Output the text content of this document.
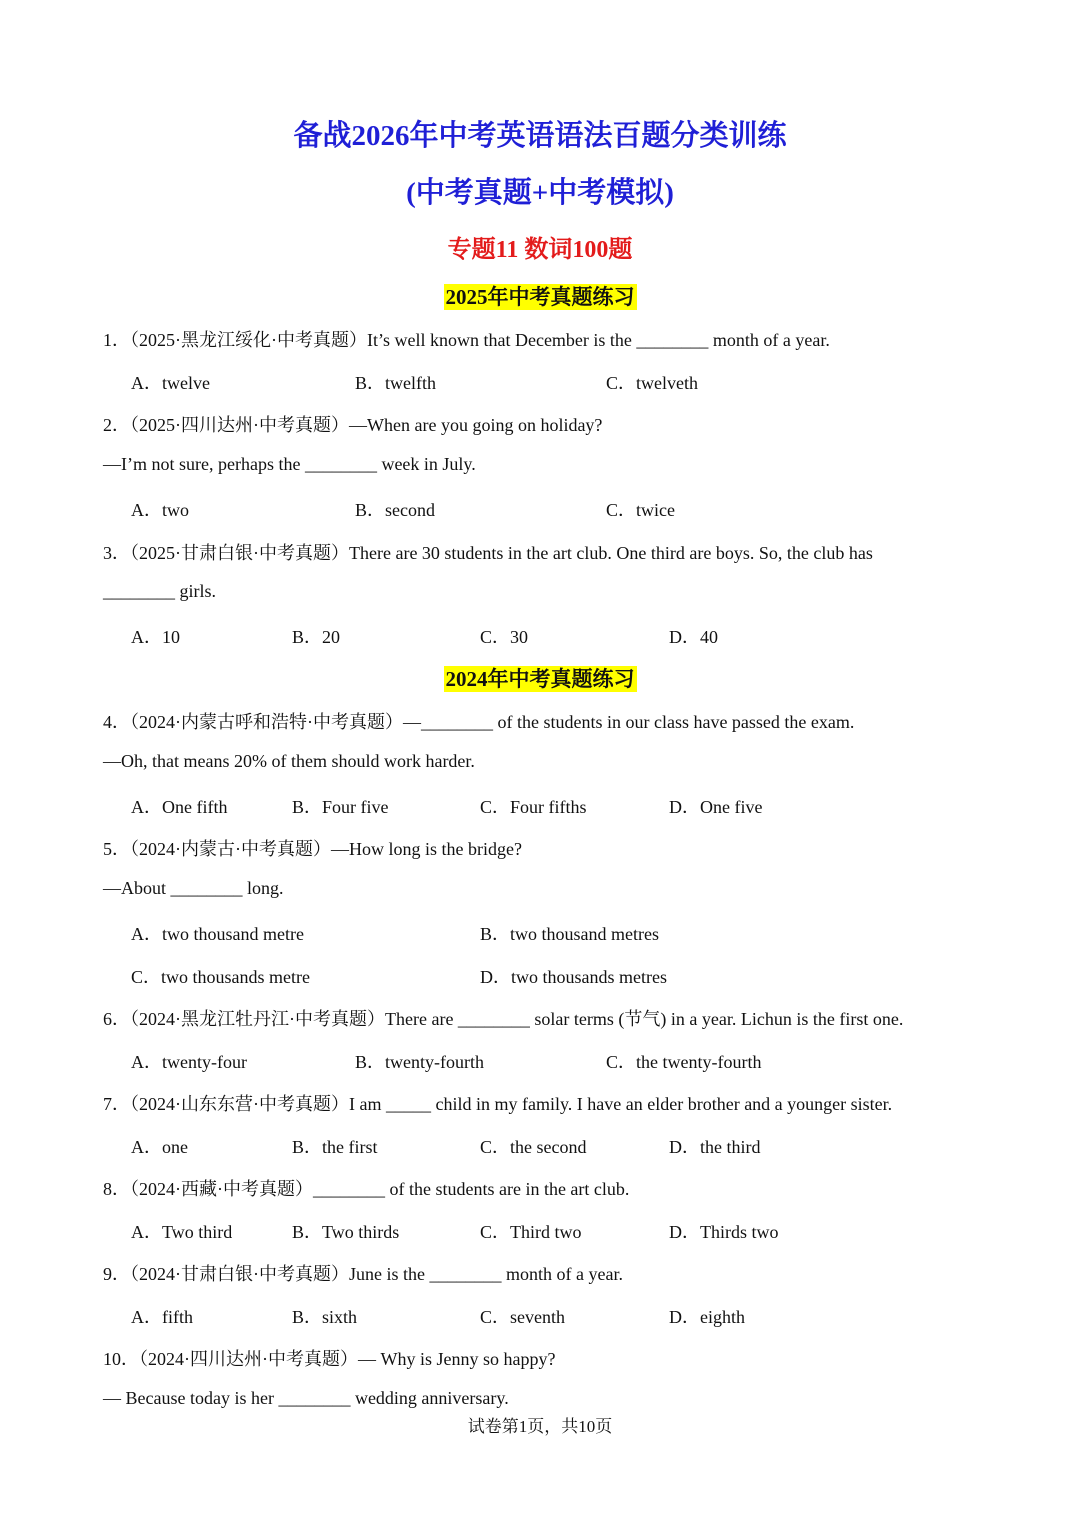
备战2026年中考英语语法百题分类训练
(中考真题+中考模拟)
专题11 数词100题
2025年中考真题练习
1．（2025·黑龙江绥化·中考真题）It’s well known that December is the ________ month of a year.
A．twelve	B．twelfth	C．twelveth
2．（2025·四川达州·中考真题）—When are you going on holiday?
—I’m not sure, perhaps the ________ week in July.
A．two	B．second	C．twice
3．（2025·甘肃白银·中考真题）There are 30 students in the art club. One third are boys. So, the club has
________ girls.
A．10	B．20	C．30	D．40
2024年中考真题练习
4．（2024·内蒙古呼和浩特·中考真题）—________ of the students in our class have passed the exam.
—Oh, that means 20% of them should work harder.
A．One fifth	B．Four five	C．Four fifths	D．One five
5．（2024·内蒙古·中考真题）—How long is the bridge?
—About ________ long.
A．two thousand metre	B．two thousand metres
C．two thousands metre	D．two thousands metres
6．（2024·黑龙江牡丹江·中考真题）There are ________ solar terms (节气) in a year. Lichun is the first one.
A．twenty-four	B．twenty-fourth	C．the twenty-fourth
7．（2024·山东东营·中考真题）I am _____ child in my family. I have an elder brother and a younger sister.
A．one	B．the first	C．the second	D．the third
8．（2024·西藏·中考真题）________ of the students are in the art club.
A．Two third	B．Two thirds	C．Third two	D．Thirds two
9．（2024·甘肃白银·中考真题）June is the ________ month of a year.
A．fifth	B．sixth	C．seventh	D．eighth
10．（2024·四川达州·中考真题）— Why is Jenny so happy?
— Because today is her ________ wedding anniversary.
试卷第1页，共10页
